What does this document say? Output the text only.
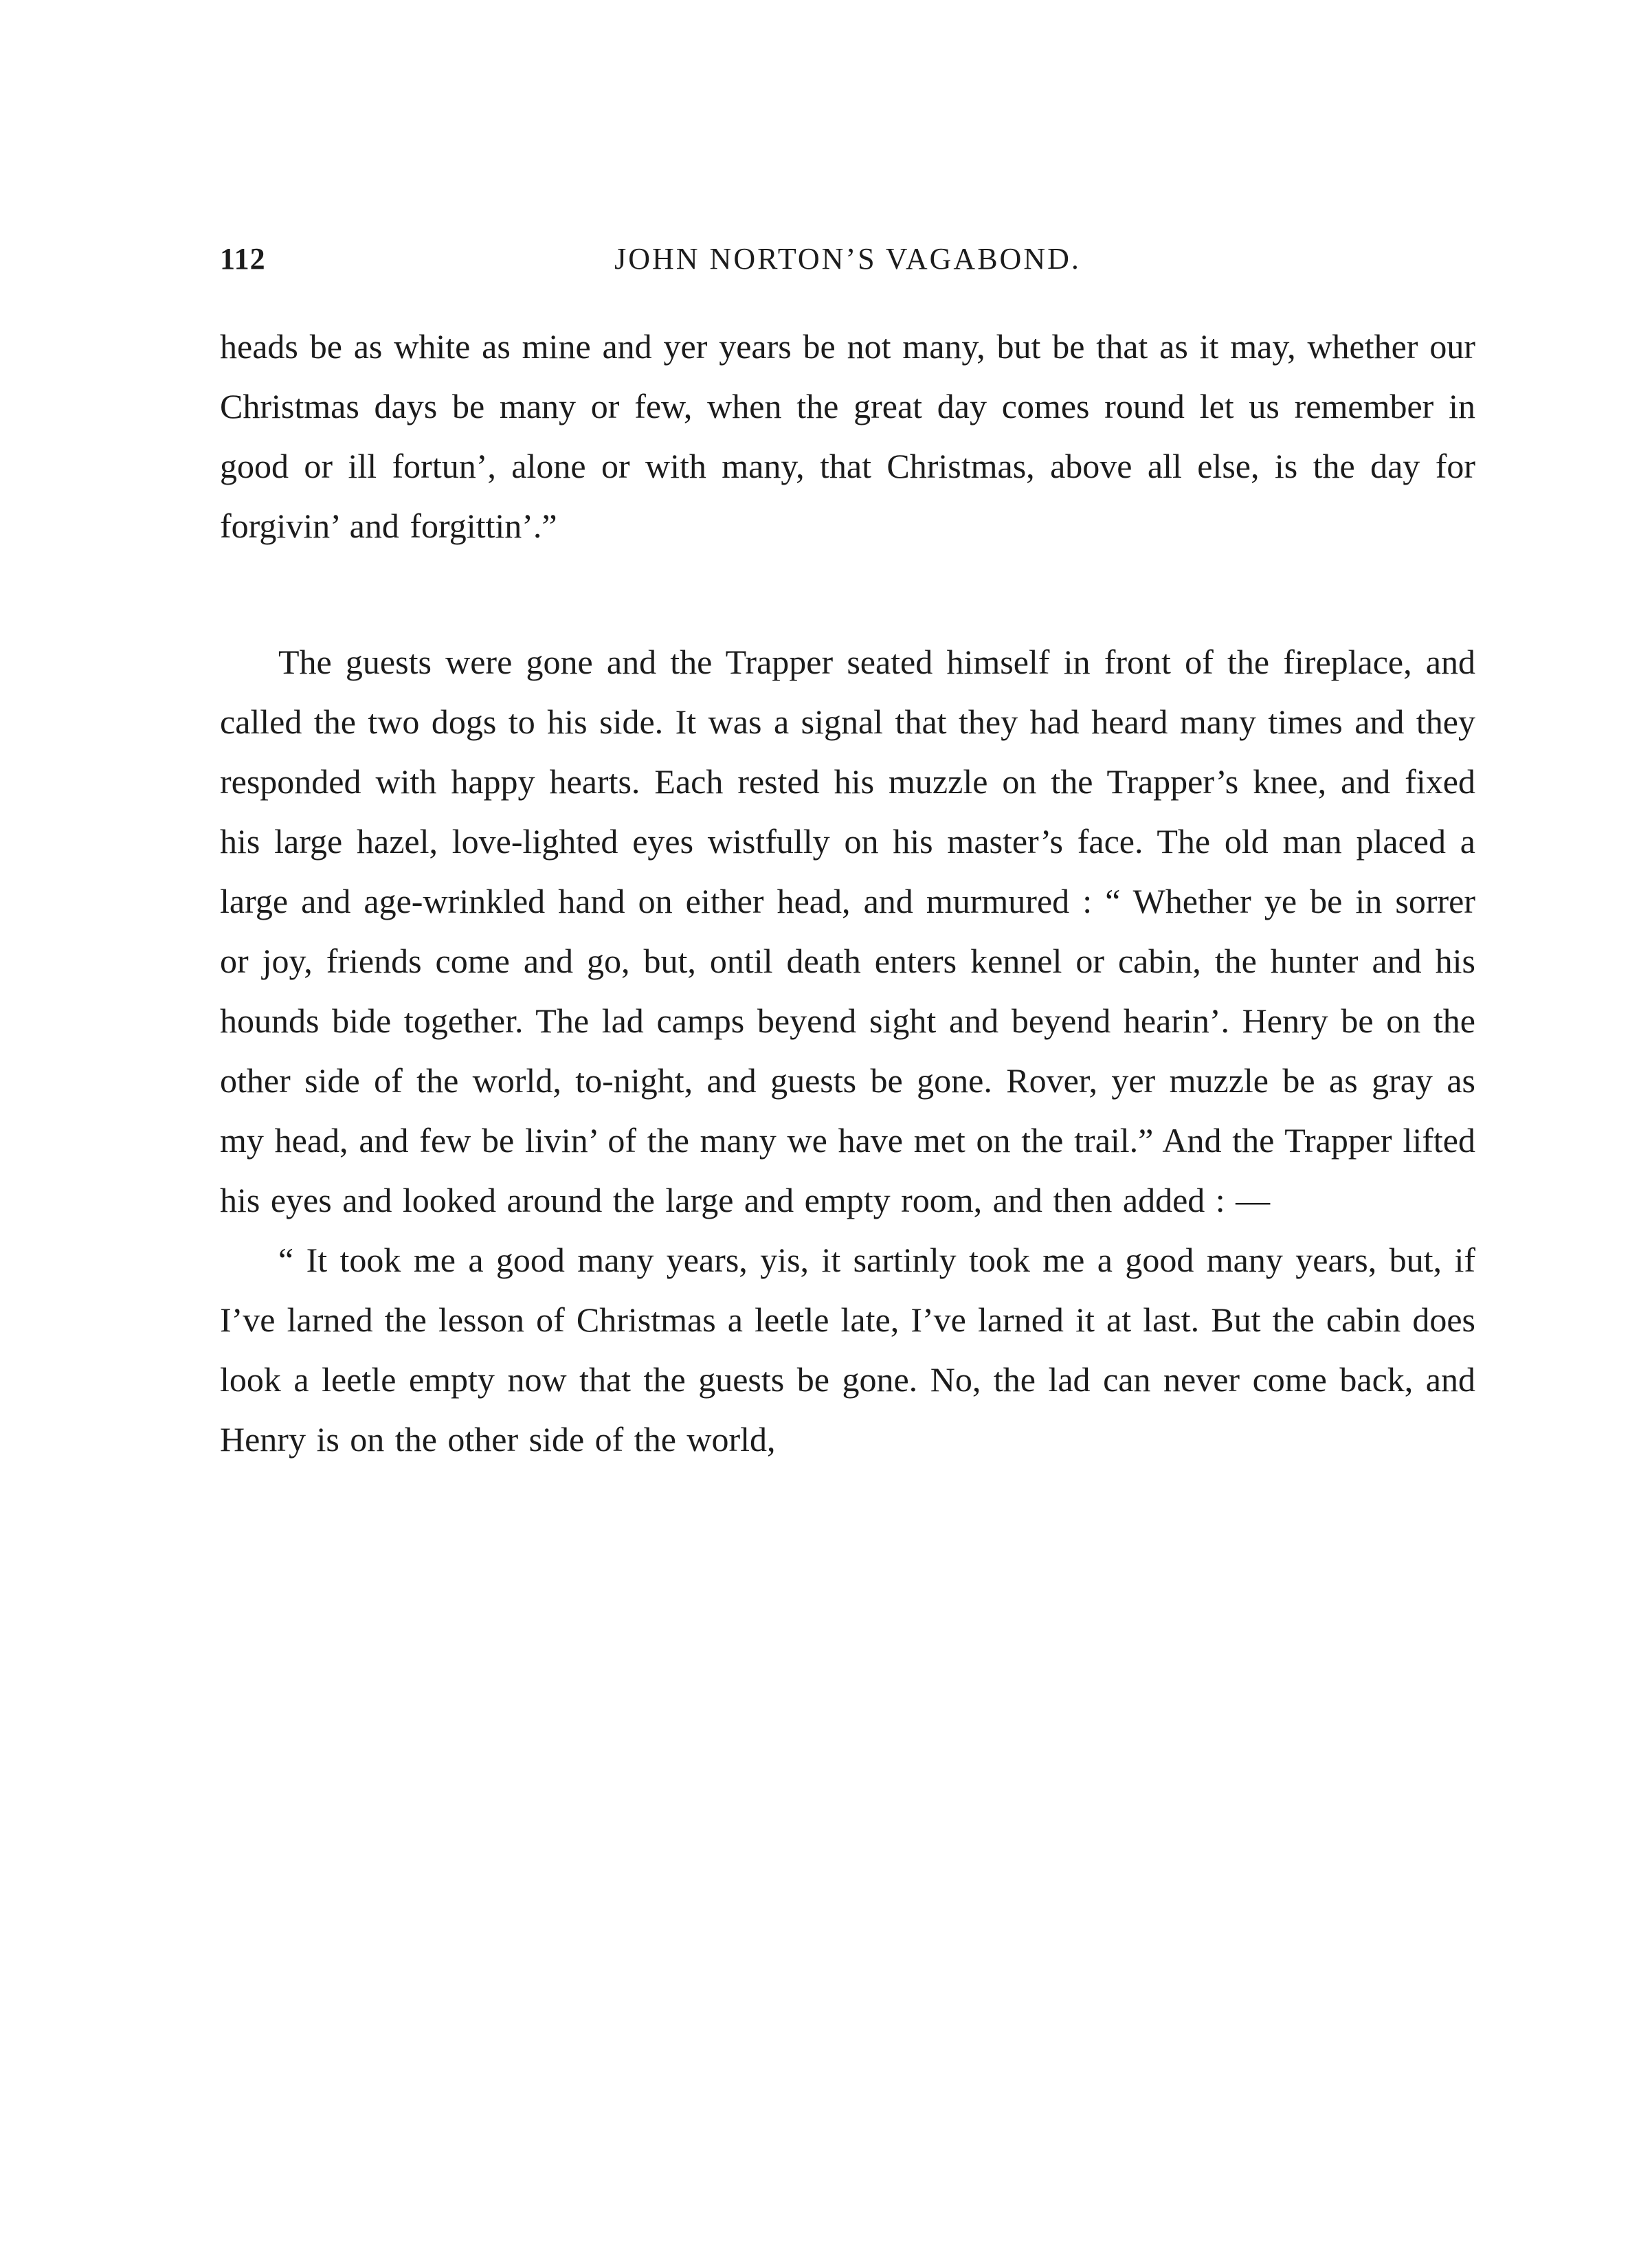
112	JOHN NORTON’S VAGABOND.

heads be as white as mine and yer years be not many, but be that as it may, whether our Christmas days be many or few, when the great day comes round let us remember in good or ill fortun’, alone or with many, that Christmas, above all else, is the day for forgivin’ and forgittin’.”

The guests were gone and the Trapper seated himself in front of the fireplace, and called the two dogs to his side. It was a signal that they had heard many times and they responded with happy hearts. Each rested his muzzle on the Trapper’s knee, and fixed his large hazel, love-lighted eyes wistfully on his master’s face. The old man placed a large and age-wrinkled hand on either head, and murmured : “ Whether ye be in sorrer or joy, friends come and go, but, ontil death enters kennel or cabin, the hunter and his hounds bide together. The lad camps beyend sight and beyend hearin’. Henry be on the other side of the world, to-night, and guests be gone. Rover, yer muzzle be as gray as my head, and few be livin’ of the many we have met on the trail.” And the Trapper lifted his eyes and looked around the large and empty room, and then added : —

“ It took me a good many years, yis, it sartinly took me a good many years, but, if I’ve larned the lesson of Christmas a leetle late, I’ve larned it at last. But the cabin does look a leetle empty now that the guests be gone. No, the lad can never come back, and Henry is on the other side of the world,
